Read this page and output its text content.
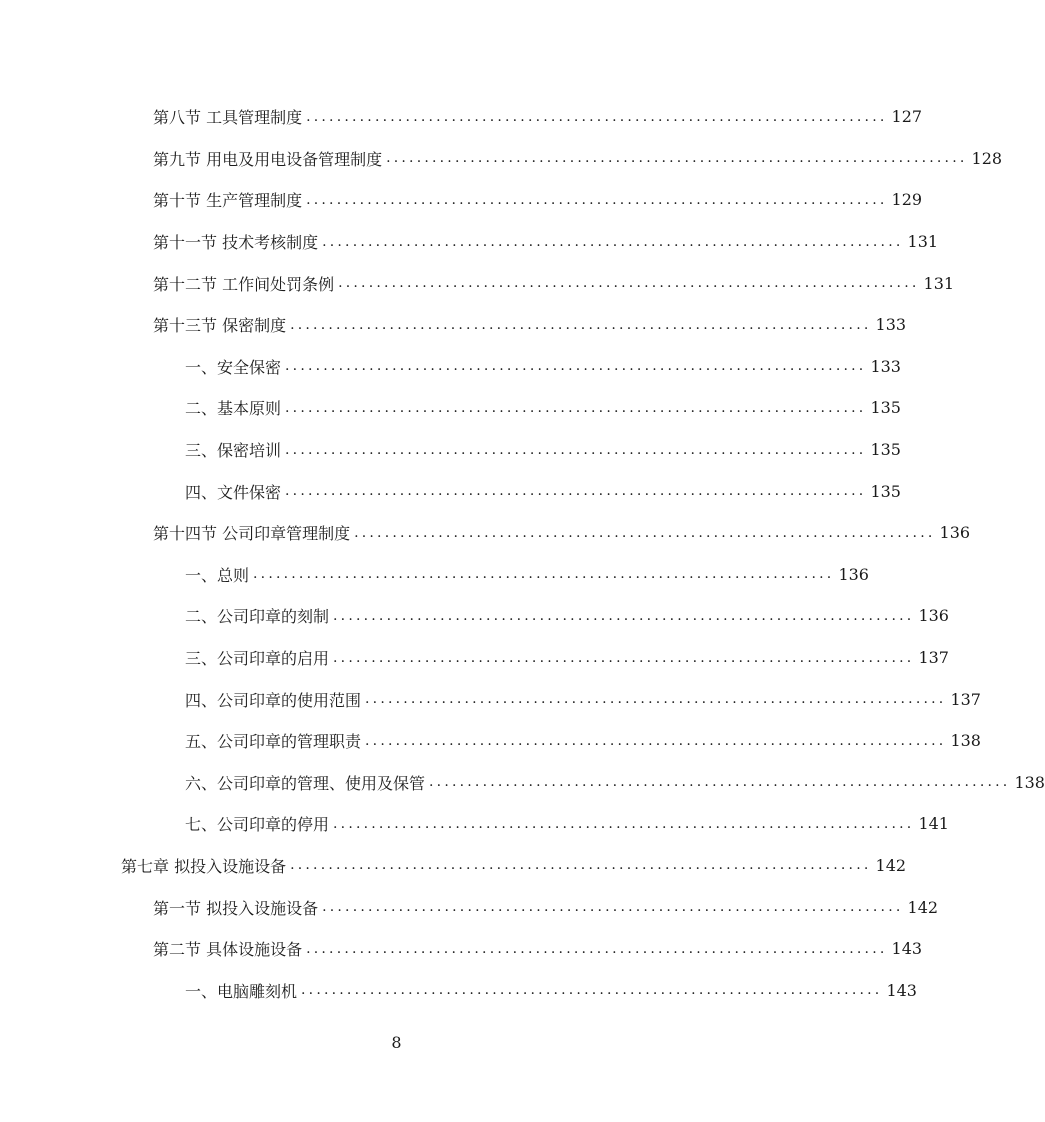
第八节 工具管理制度 ............................................................................ 127
第九节 用电及用电设备管理制度 ............................................................................ 128
第十节 生产管理制度 ............................................................................ 129
第十一节 技术考核制度 ............................................................................ 131
第十二节 工作间处罚条例 ............................................................................ 131
第十三节 保密制度 ............................................................................ 133
一、安全保密 ............................................................................ 133
二、基本原则 ............................................................................ 135
三、保密培训 ............................................................................ 135
四、文件保密 ............................................................................ 135
第十四节 公司印章管理制度 ............................................................................ 136
一、总则 ............................................................................ 136
二、公司印章的刻制 ............................................................................ 136
三、公司印章的启用 ............................................................................ 137
四、公司印章的使用范围 ............................................................................ 137
五、公司印章的管理职责 ............................................................................ 138
六、公司印章的管理、使用及保管 ............................................................................ 138
七、公司印章的停用 ............................................................................ 141
第七章 拟投入设施设备 ............................................................................ 142
第一节 拟投入设施设备 ............................................................................ 142
第二节 具体设施设备 ............................................................................ 143
一、电脑雕刻机 ............................................................................ 143
8
